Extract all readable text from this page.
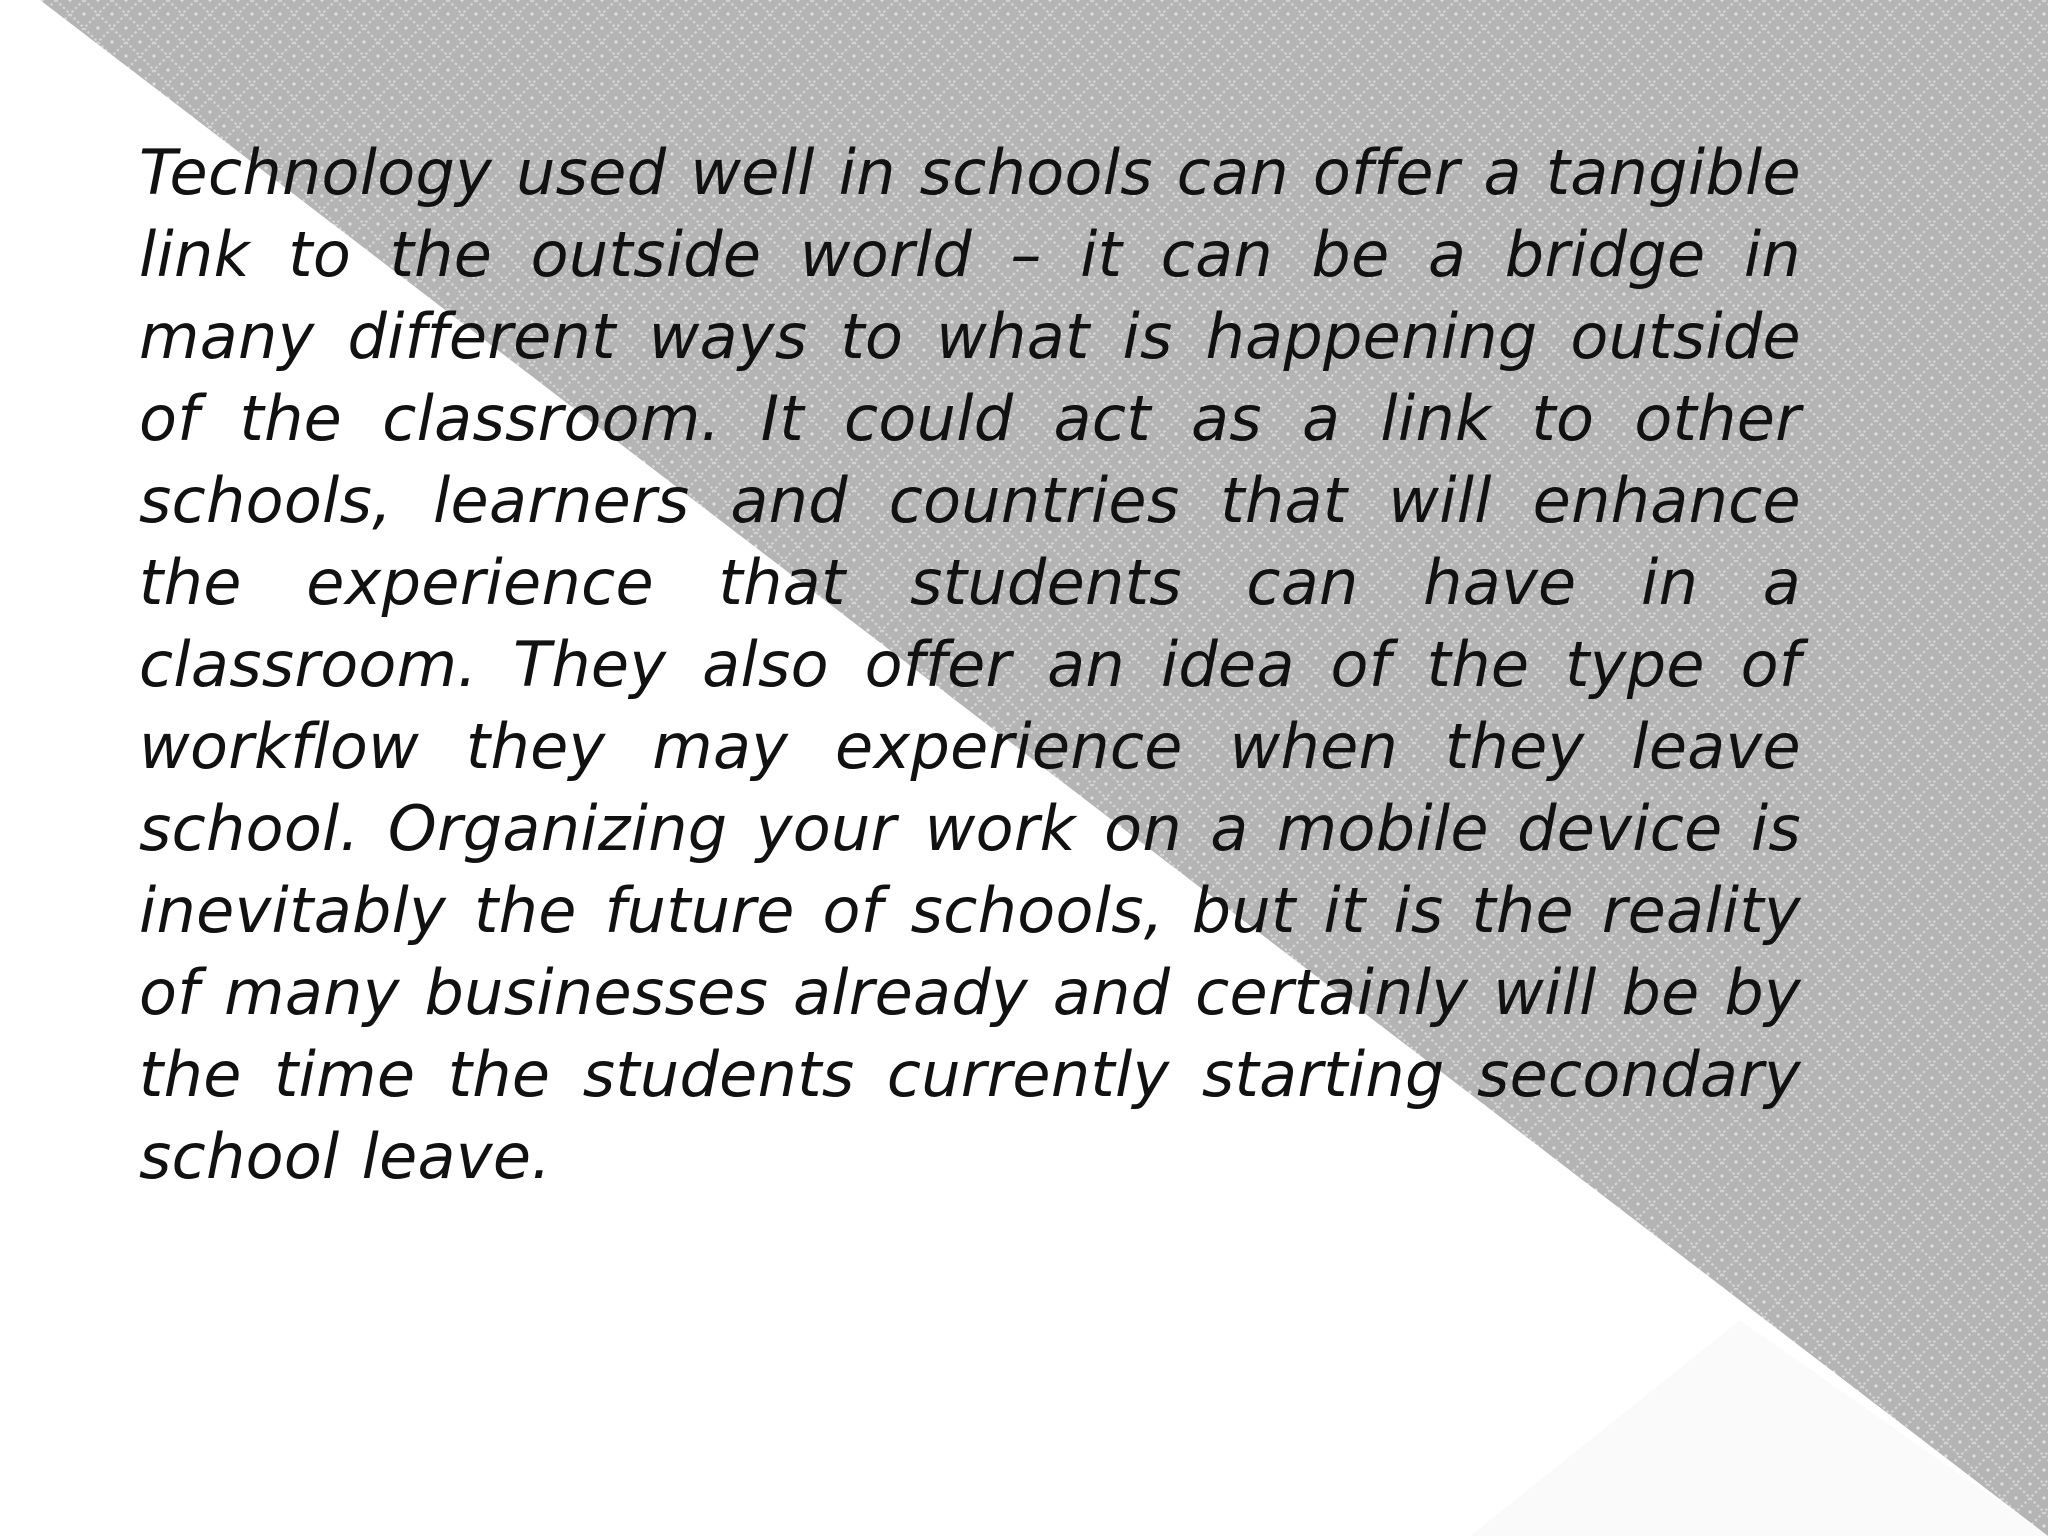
Technology used well in schools can offer a tangible link to the outside world – it can be a bridge in many different ways to what is happening outside of the classroom. It could act as a link to other schools, learners and countries that will enhance the experience that students can have in a classroom. They also offer an idea of the type of workflow they may experience when they leave school. Organizing your work on a mobile device is inevitably the future of schools, but it is the reality of many businesses already and certainly will be by the time the students currently starting secondary school leave.
